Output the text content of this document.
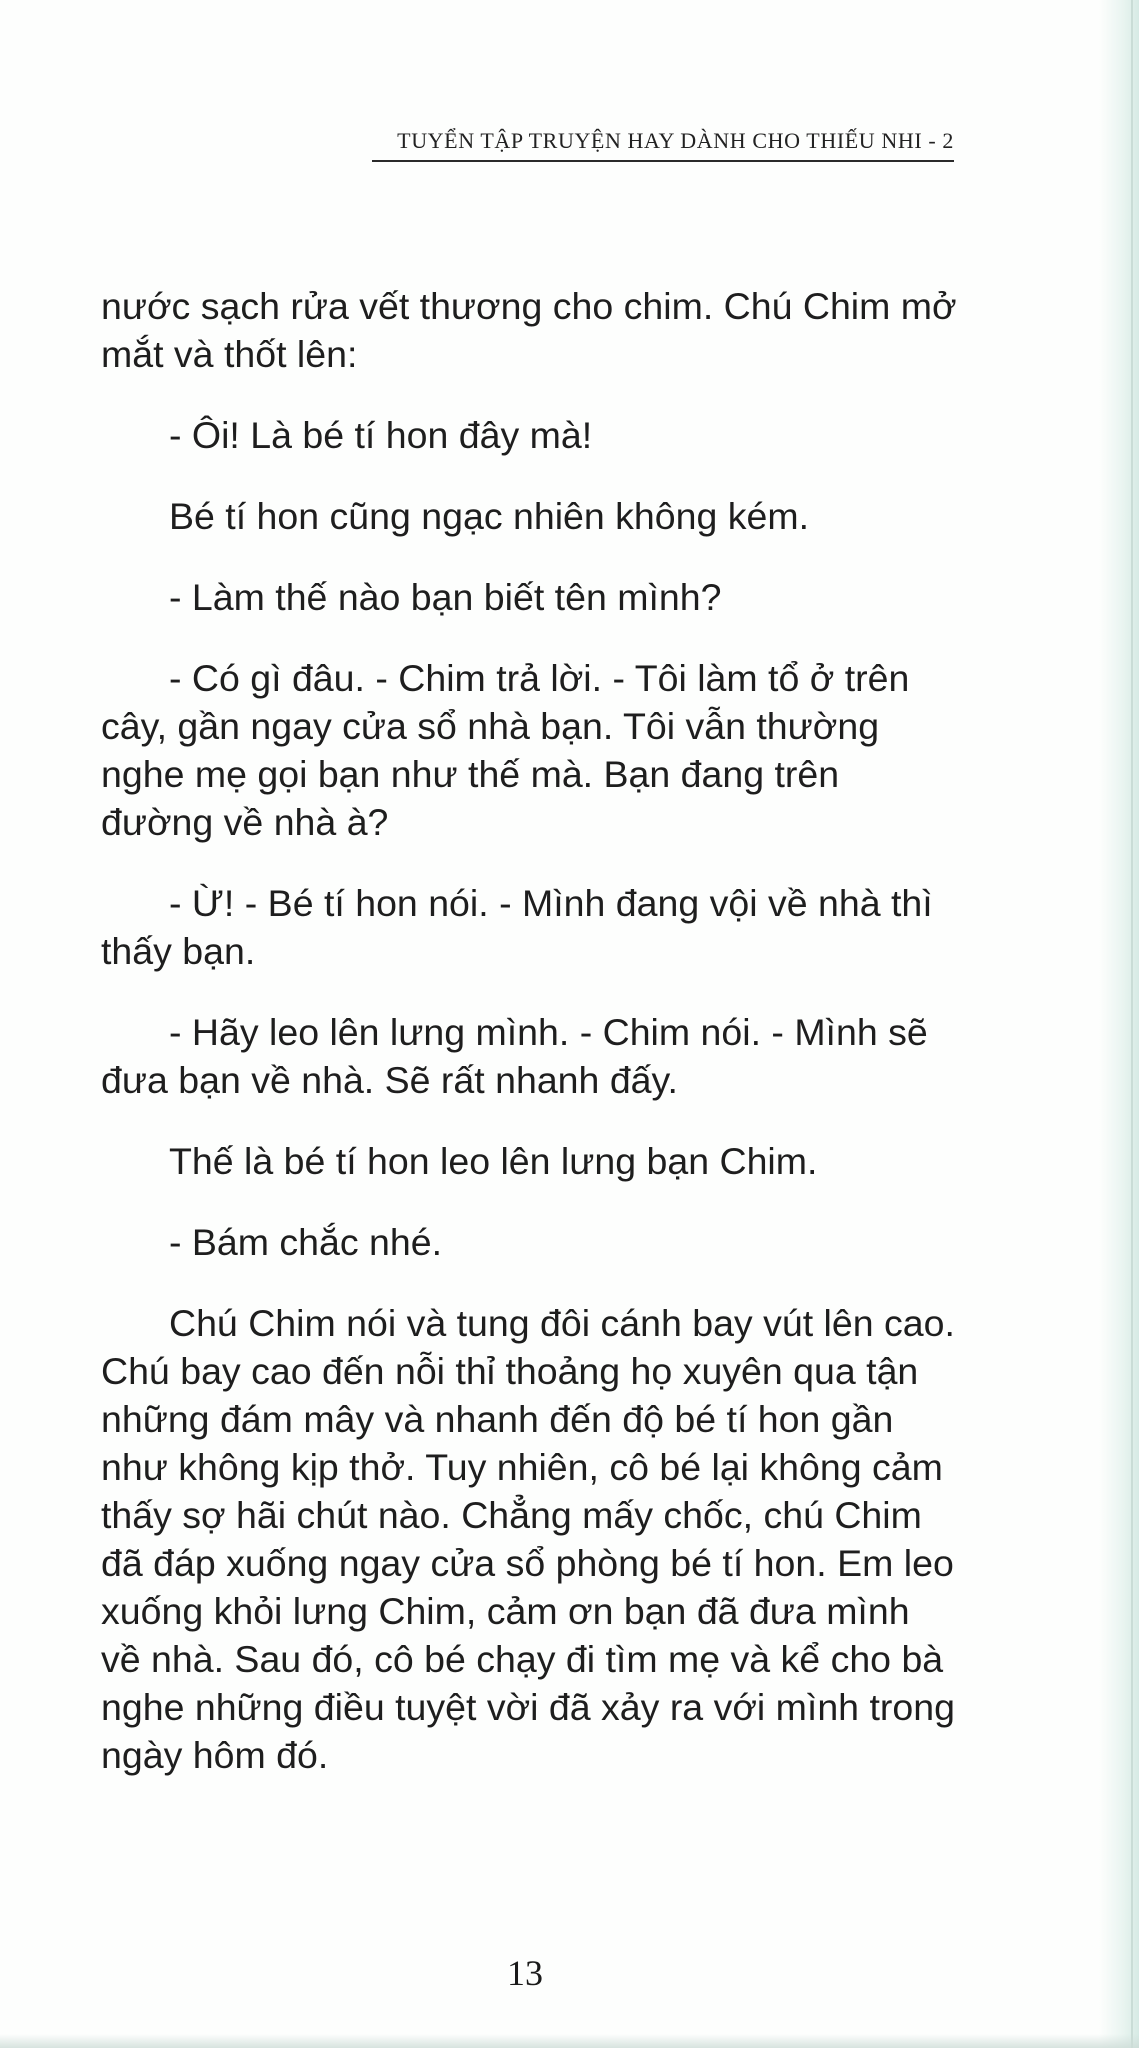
TUYỂN TẬP TRUYỆN HAY DÀNH CHO THIẾU NHI - 2

nước sạch rửa vết thương cho chim. Chú Chim mở mắt và thốt lên:

- Ôi! Là bé tí hon đây mà!

Bé tí hon cũng ngạc nhiên không kém.

- Làm thế nào bạn biết tên mình?

- Có gì đâu. - Chim trả lời. - Tôi làm tổ ở trên cây, gần ngay cửa sổ nhà bạn. Tôi vẫn thường nghe mẹ gọi bạn như thế mà. Bạn đang trên đường về nhà à?

- Ừ! - Bé tí hon nói. - Mình đang vội về nhà thì thấy bạn.

- Hãy leo lên lưng mình. - Chim nói. - Mình sẽ đưa bạn về nhà. Sẽ rất nhanh đấy.

Thế là bé tí hon leo lên lưng bạn Chim.

- Bám chắc nhé.

Chú Chim nói và tung đôi cánh bay vút lên cao. Chú bay cao đến nỗi thỉ thoảng họ xuyên qua tận những đám mây và nhanh đến độ bé tí hon gần như không kịp thở. Tuy nhiên, cô bé lại không cảm thấy sợ hãi chút nào. Chẳng mấy chốc, chú Chim đã đáp xuống ngay cửa sổ phòng bé tí hon. Em leo xuống khỏi lưng Chim, cảm ơn bạn đã đưa mình về nhà. Sau đó, cô bé chạy đi tìm mẹ và kể cho bà nghe những điều tuyệt vời đã xảy ra với mình trong ngày hôm đó.

13
